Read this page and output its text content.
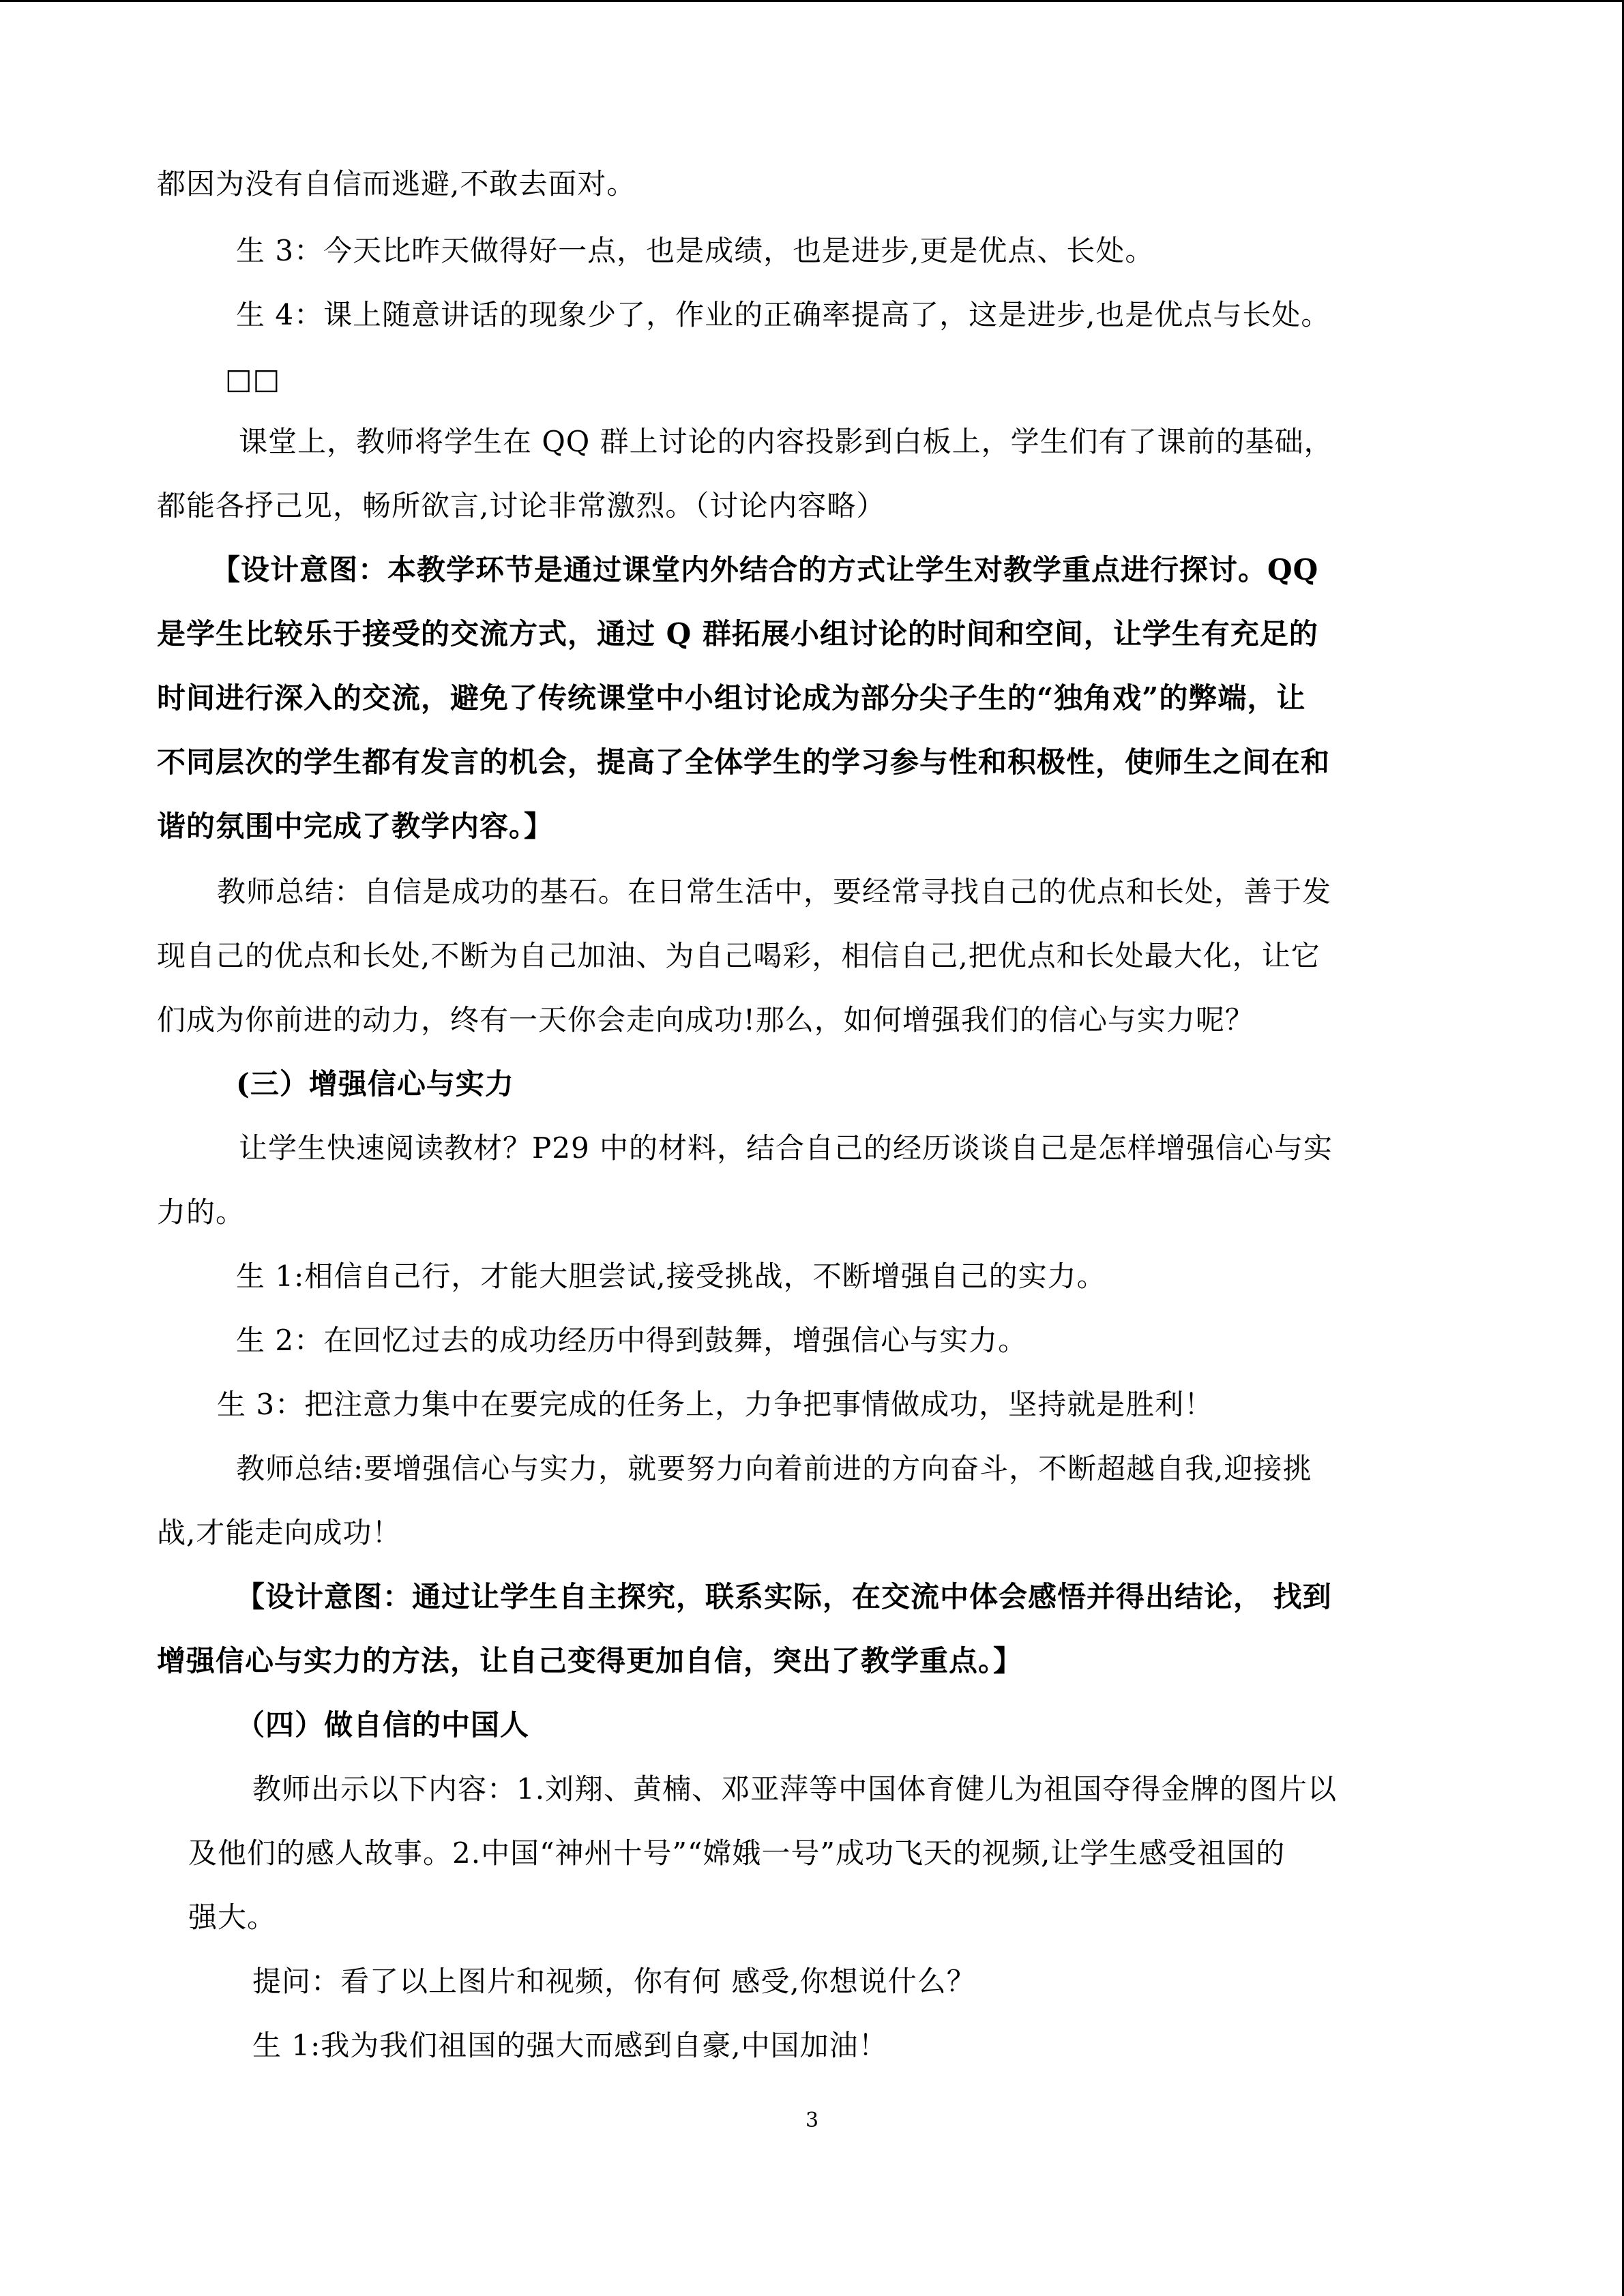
都因为没有自信而逃避,不敢去面对。
生 3：今天比昨天做得好一点，也是成绩，也是进步,更是优点、长处。
生 4：课上随意讲话的现象少了，作业的正确率提高了，这是进步,也是优点与长处。
□□
课堂上，教师将学生在 QQ 群上讨论的内容投影到白板上，学生们有了课前的基础，
都能各抒己见，畅所欲言,讨论非常激烈。（讨论内容略）
【设计意图：本教学环节是通过课堂内外结合的方式让学生对教学重点进行探讨。QQ
是学生比较乐于接受的交流方式，通过 Q 群拓展小组讨论的时间和空间，让学生有充足的
时间进行深入的交流，避免了传统课堂中小组讨论成为部分尖子生的“独角戏”的弊端，让
不同层次的学生都有发言的机会，提高了全体学生的学习参与性和积极性，使师生之间在和
谐的氛围中完成了教学内容。】
教师总结：自信是成功的基石。在日常生活中，要经常寻找自己的优点和长处，善于发
现自己的优点和长处,不断为自己加油、为自己喝彩，相信自己,把优点和长处最大化，让它
们成为你前进的动力，终有一天你会走向成功!那么，如何增强我们的信心与实力呢？
(三）增强信心与实力
让学生快速阅读教材？P29 中的材料，结合自己的经历谈谈自己是怎样增强信心与实
力的。
生 1:相信自己行，才能大胆尝试,接受挑战，不断增强自己的实力。
生 2：在回忆过去的成功经历中得到鼓舞，增强信心与实力。
生 3：把注意力集中在要完成的任务上，力争把事情做成功，坚持就是胜利！
教师总结:要增强信心与实力，就要努力向着前进的方向奋斗，不断超越自我,迎接挑
战,才能走向成功！
【设计意图：通过让学生自主探究，联系实际，在交流中体会感悟并得出结论， 找到
增强信心与实力的方法，让自己变得更加自信，突出了教学重点。】
（四）做自信的中国人
教师出示以下内容：1.刘翔、黄楠、邓亚萍等中国体育健儿为祖国夺得金牌的图片以
及他们的感人故事。2.中国“神州十号”“嫦娥一号”成功飞天的视频,让学生感受祖国的
强大。
提问：看了以上图片和视频，你有何 感受,你想说什么？
生 1:我为我们祖国的强大而感到自豪,中国加油！
3
